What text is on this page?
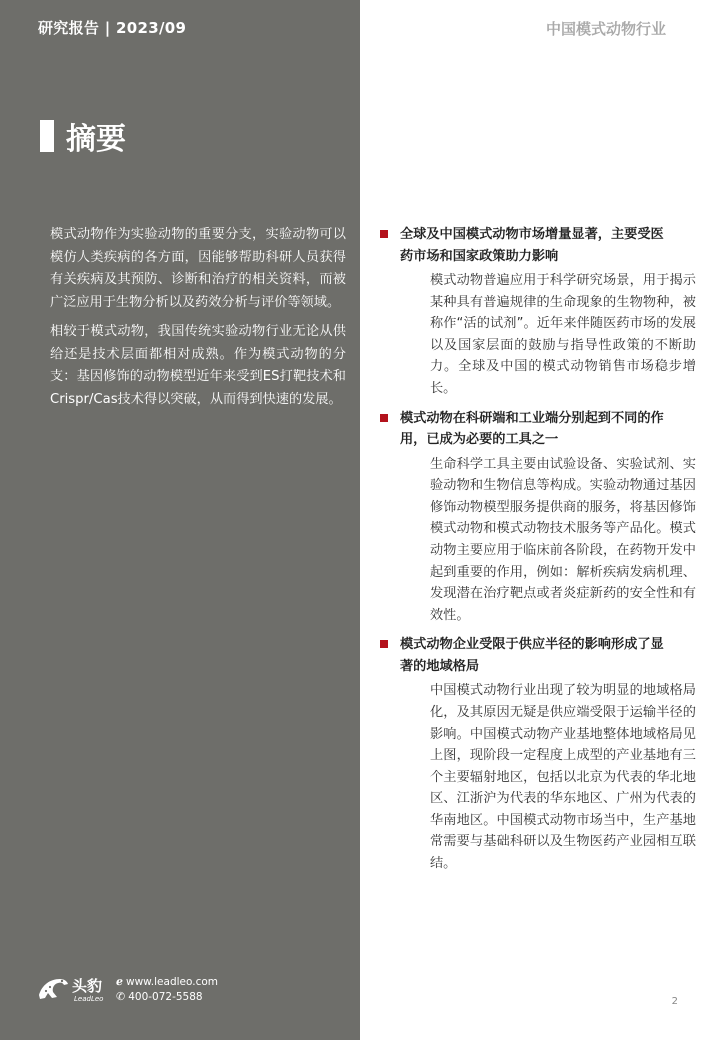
研究报告 | 2023/09	中国模式动物行业
摘要

模式动物作为实验动物的重要分支，实验动物可以模仿人类疾病的各方面，因能够帮助科研人员获得有关疾病及其预防、诊断和治疗的相关资料，而被广泛应用于生物分析以及药效分析与评价等领域。

相较于模式动物，我国传统实验动物行业无论从供给还是技术层面都相对成熟。作为模式动物的分支：基因修饰的动物模型近年来受到ES打靶技术和Crispr/Cas技术得以突破，从而得到快速的发展。

全球及中国模式动物市场增量显著，主要受医药市场和国家政策助力影响
模式动物普遍应用于科学研究场景，用于揭示某种具有普遍规律的生命现象的生物物种，被称作“活的试剂”。近年来伴随医药市场的发展以及国家层面的鼓励与指导性政策的不断助力。全球及中国的模式动物销售市场稳步增长。
模式动物在科研端和工业端分别起到不同的作用，已成为必要的工具之一
生命科学工具主要由试验设备、实验试剂、实验动物和生物信息等构成。实验动物通过基因修饰动物模型服务提供商的服务，将基因修饰模式动物和模式动物技术服务等产品化。模式动物主要应用于临床前各阶段，在药物开发中起到重要的作用，例如：解析疾病发病机理、发现潜在治疗靶点或者炎症新药的安全性和有效性。
模式动物企业受限于供应半径的影响形成了显著的地域格局
中国模式动物行业出现了较为明显的地域格局化，及其原因无疑是供应端受限于运输半径的影响。中国模式动物产业基地整体地域格局见上图，现阶段一定程度上成型的产业基地有三个主要辐射地区，包括以北京为代表的华北地区、江浙沪为代表的华东地区、广州为代表的华南地区。中国模式动物市场当中，生产基地常需要与基础科研以及生物医药产业园相互联结。
头豹
LeadLeo
ℯ www.leadleo.com
✆ 400-072-5588	2
